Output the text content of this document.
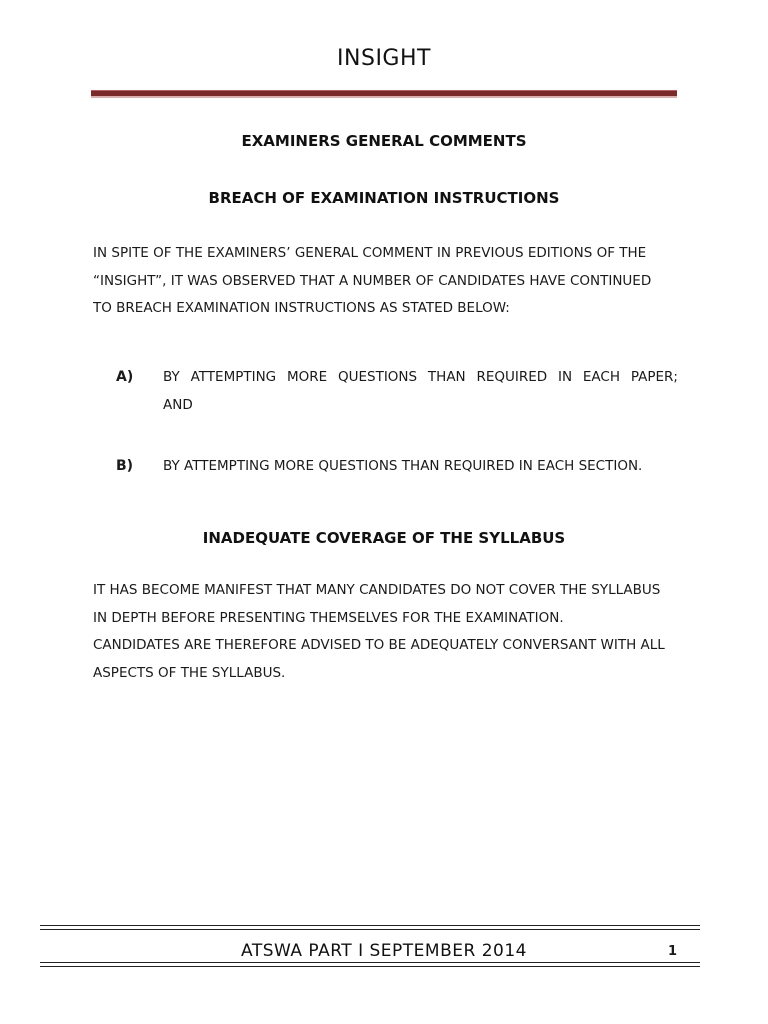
INSIGHT
EXAMINERS GENERAL COMMENTS
BREACH OF EXAMINATION INSTRUCTIONS
IN SPITE OF THE EXAMINERS’ GENERAL COMMENT IN PREVIOUS EDITIONS OF THE
“INSIGHT”, IT WAS OBSERVED THAT A NUMBER OF CANDIDATES HAVE CONTINUED
TO BREACH EXAMINATION INSTRUCTIONS AS STATED BELOW:
A) BY ATTEMPTING MORE QUESTIONS THAN REQUIRED IN EACH PAPER;
AND
B) BY ATTEMPTING MORE QUESTIONS THAN REQUIRED IN EACH SECTION.
INADEQUATE COVERAGE OF THE SYLLABUS
IT HAS BECOME MANIFEST THAT MANY CANDIDATES DO NOT COVER THE SYLLABUS
IN DEPTH BEFORE PRESENTING THEMSELVES FOR THE EXAMINATION.
CANDIDATES ARE THEREFORE ADVISED TO BE ADEQUATELY CONVERSANT WITH ALL
ASPECTS OF THE SYLLABUS.
ATSWA PART I SEPTEMBER 2014	1
